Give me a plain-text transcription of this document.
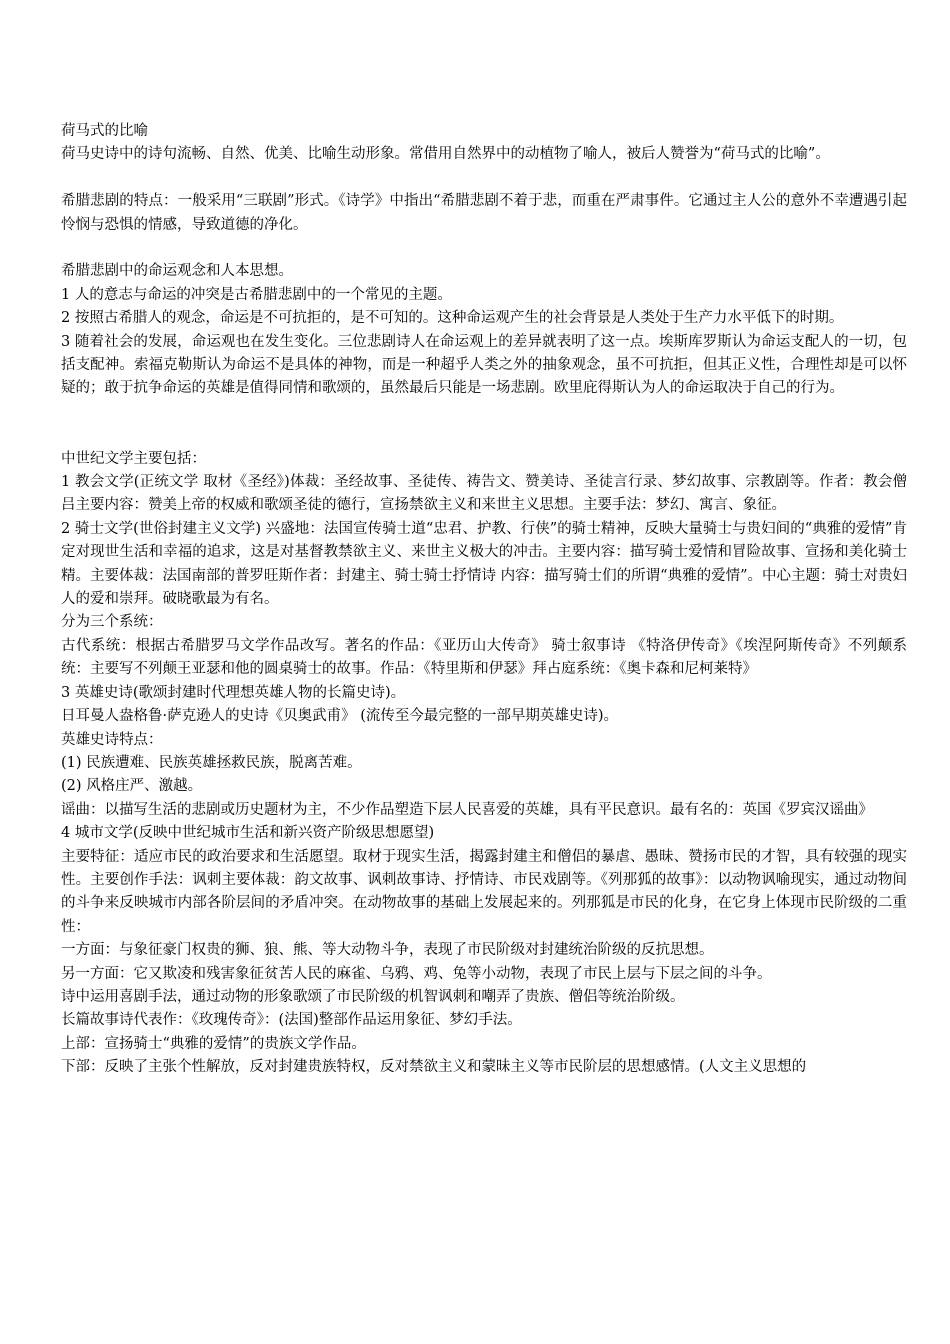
荷马式的比喻

荷马史诗中的诗句流畅、自然、优美、比喻生动形象。常借用自然界中的动植物了喻人，被后人赞誉为“荷马式的比喻”。

希腊悲剧的特点：一般采用“三联剧”形式。《诗学》中指出“希腊悲剧不着于悲，而重在严肃事件。它通过主人公的意外不幸遭遇引起怜悯与恐惧的情感，导致道德的净化。

希腊悲剧中的命运观念和人本思想。

1 人的意志与命运的冲突是古希腊悲剧中的一个常见的主题。

2 按照古希腊人的观念，命运是不可抗拒的，是不可知的。这种命运观产生的社会背景是人类处于生产力水平低下的时期。

3 随着社会的发展，命运观也在发生变化。三位悲剧诗人在命运观上的差异就表明了这一点。埃斯库罗斯认为命运支配人的一切，包括支配神。索福克勒斯认为命运不是具体的神物，而是一种超乎人类之外的抽象观念，虽不可抗拒，但其正义性，合理性却是可以怀疑的；敢于抗争命运的英雄是值得同情和歌颂的，虽然最后只能是一场悲剧。欧里庇得斯认为人的命运取决于自己的行为。

中世纪文学主要包括：

1 教会文学(正统文学 取材《圣经》)体裁：圣经故事、圣徒传、祷告文、赞美诗、圣徒言行录、梦幻故事、宗教剧等。作者：教会僧吕主要内容：赞美上帝的权威和歌颂圣徒的德行，宣扬禁欲主义和来世主义思想。主要手法：梦幻、寓言、象征。

2 骑士文学(世俗封建主义文学) 兴盛地：法国宣传骑士道“忠君、护教、行侠”的骑士精神，反映大量骑士与贵妇间的“典雅的爱情”肯定对现世生活和幸福的追求，这是对基督教禁欲主义、来世主义极大的冲击。主要内容：描写骑士爱情和冒险故事、宣扬和美化骑士精。主要体裁：法国南部的普罗旺斯作者：封建主、骑士骑士抒情诗 内容：描写骑士们的所谓“典雅的爱情”。中心主题：骑士对贵妇人的爱和崇拜。破晓歌最为有名。

分为三个系统：

古代系统：根据古希腊罗马文学作品改写。著名的作品：《亚历山大传奇》 骑士叙事诗 《特洛伊传奇》《埃涅阿斯传奇》不列颠系统：主要写不列颠王亚瑟和他的圆桌骑士的故事。作品：《特里斯和伊瑟》拜占庭系统：《奥卡森和尼柯莱特》

3 英雄史诗(歌颂封建时代理想英雄人物的长篇史诗)。

日耳曼人盎格鲁·萨克逊人的史诗《贝奥武甫》 (流传至今最完整的一部早期英雄史诗)。

英雄史诗特点：

(1) 民族遭难、民族英雄拯救民族，脱离苦难。

(2) 风格庄严、激越。

谣曲：以描写生活的悲剧或历史题材为主，不少作品塑造下层人民喜爱的英雄，具有平民意识。最有名的：英国《罗宾汉谣曲》

4 城市文学(反映中世纪城市生活和新兴资产阶级思想愿望)

主要特征：适应市民的政治要求和生活愿望。取材于现实生活，揭露封建主和僧侣的暴虐、愚昧、赞扬市民的才智，具有较强的现实性。主要创作手法：讽刺主要体裁：韵文故事、讽刺故事诗、抒情诗、市民戏剧等。《列那狐的故事》：以动物讽喻现实，通过动物间的斗争来反映城市内部各阶层间的矛盾冲突。在动物故事的基础上发展起来的。列那狐是市民的化身，在它身上体现市民阶级的二重性：

一方面：与象征豪门权贵的狮、狼、熊、等大动物斗争，表现了市民阶级对封建统治阶级的反抗思想。

另一方面：它又欺凌和残害象征贫苦人民的麻雀、乌鸦、鸡、兔等小动物，表现了市民上层与下层之间的斗争。

诗中运用喜剧手法，通过动物的形象歌颂了市民阶级的机智讽刺和嘲弄了贵族、僧侣等统治阶级。

长篇故事诗代表作：《玫瑰传奇》：(法国)整部作品运用象征、梦幻手法。

上部：宣扬骑士“典雅的爱情”的贵族文学作品。

下部：反映了主张个性解放，反对封建贵族特权，反对禁欲主义和蒙昧主义等市民阶层的思想感情。(人文主义思想的
